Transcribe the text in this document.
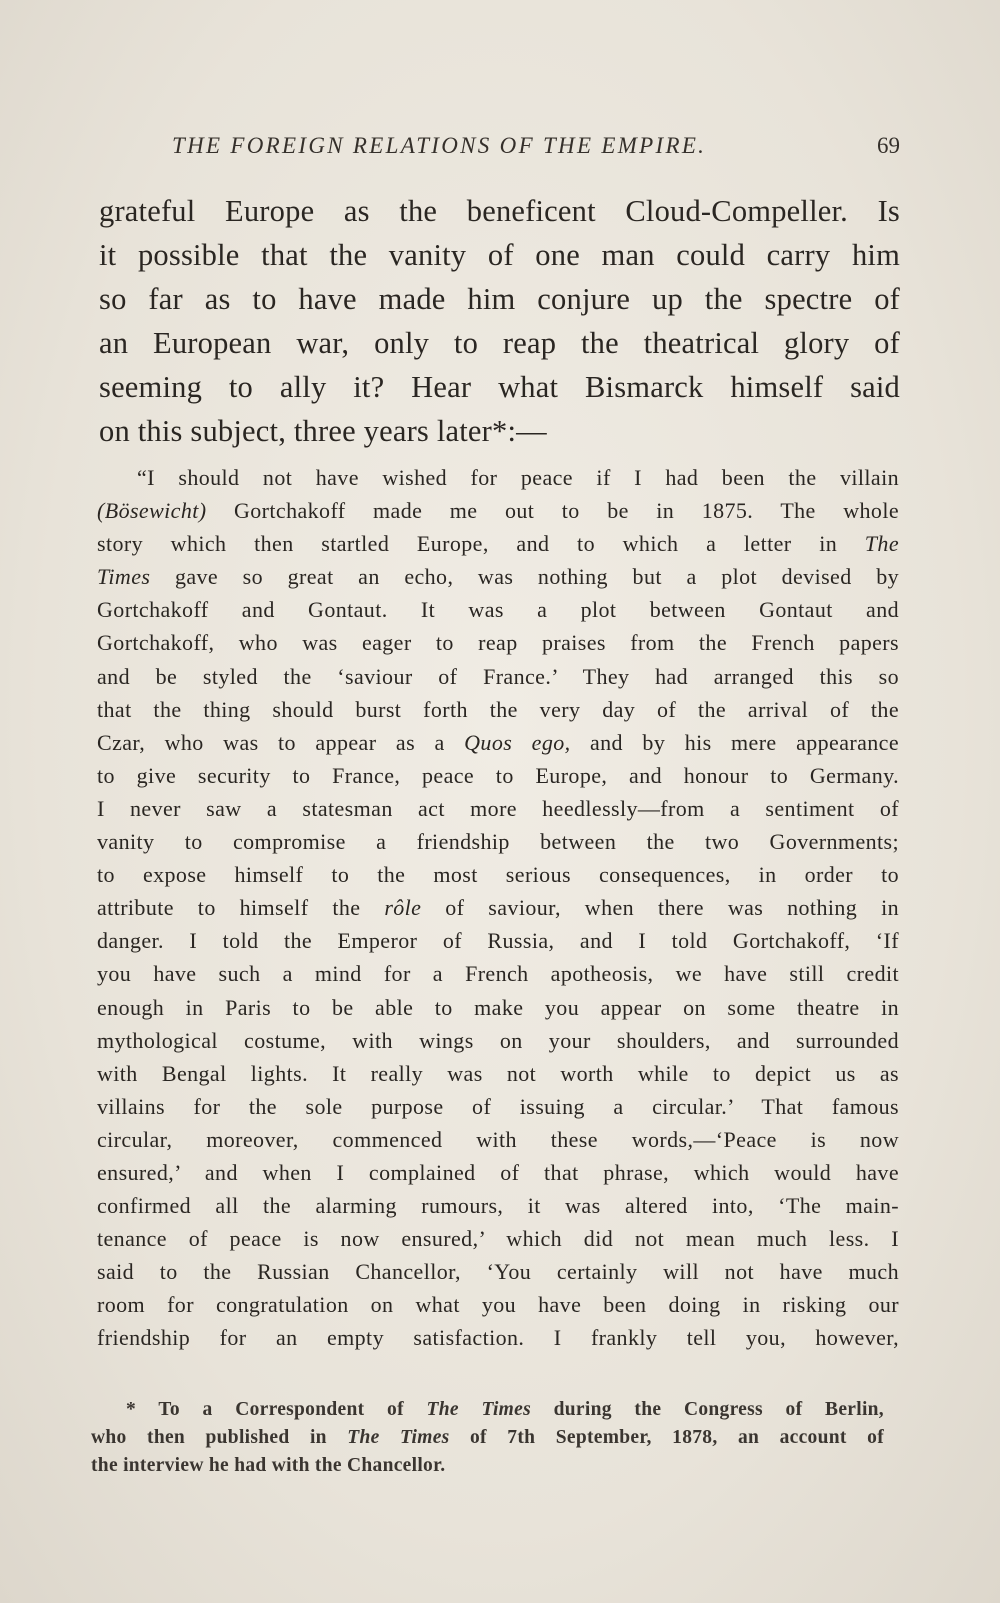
THE FOREIGN RELATIONS OF THE EMPIRE.	69
grateful Europe as the beneficent Cloud-Compeller. Is
it possible that the vanity of one man could carry him
so far as to have made him conjure up the spectre of
an European war, only to reap the theatrical glory of
seeming to ally it? Hear what Bismarck himself said
on this subject, three years later*:—
“I should not have wished for peace if I had been the villain
(Bösewicht) Gortchakoff made me out to be in 1875. The whole
story which then startled Europe, and to which a letter in The
Times gave so great an echo, was nothing but a plot devised by
Gortchakoff and Gontaut. It was a plot between Gontaut and
Gortchakoff, who was eager to reap praises from the French papers
and be styled the ‘saviour of France.’ They had arranged this so
that the thing should burst forth the very day of the arrival of the
Czar, who was to appear as a Quos ego, and by his mere appearance
to give security to France, peace to Europe, and honour to Germany.
I never saw a statesman act more heedlessly—from a sentiment of
vanity to compromise a friendship between the two Governments;
to expose himself to the most serious consequences, in order to
attribute to himself the rôle of saviour, when there was nothing in
danger. I told the Emperor of Russia, and I told Gortchakoff, ‘If
you have such a mind for a French apotheosis, we have still credit
enough in Paris to be able to make you appear on some theatre in
mythological costume, with wings on your shoulders, and surrounded
with Bengal lights. It really was not worth while to depict us as
villains for the sole purpose of issuing a circular.’ That famous
circular, moreover, commenced with these words,—‘Peace is now
ensured,’ and when I complained of that phrase, which would have
confirmed all the alarming rumours, it was altered into, ‘The main-
tenance of peace is now ensured,’ which did not mean much less. I
said to the Russian Chancellor, ‘You certainly will not have much
room for congratulation on what you have been doing in risking our
friendship for an empty satisfaction. I frankly tell you, however,
* To a Correspondent of The Times during the Congress of Berlin,
who then published in The Times of 7th September, 1878, an account of
the interview he had with the Chancellor.
